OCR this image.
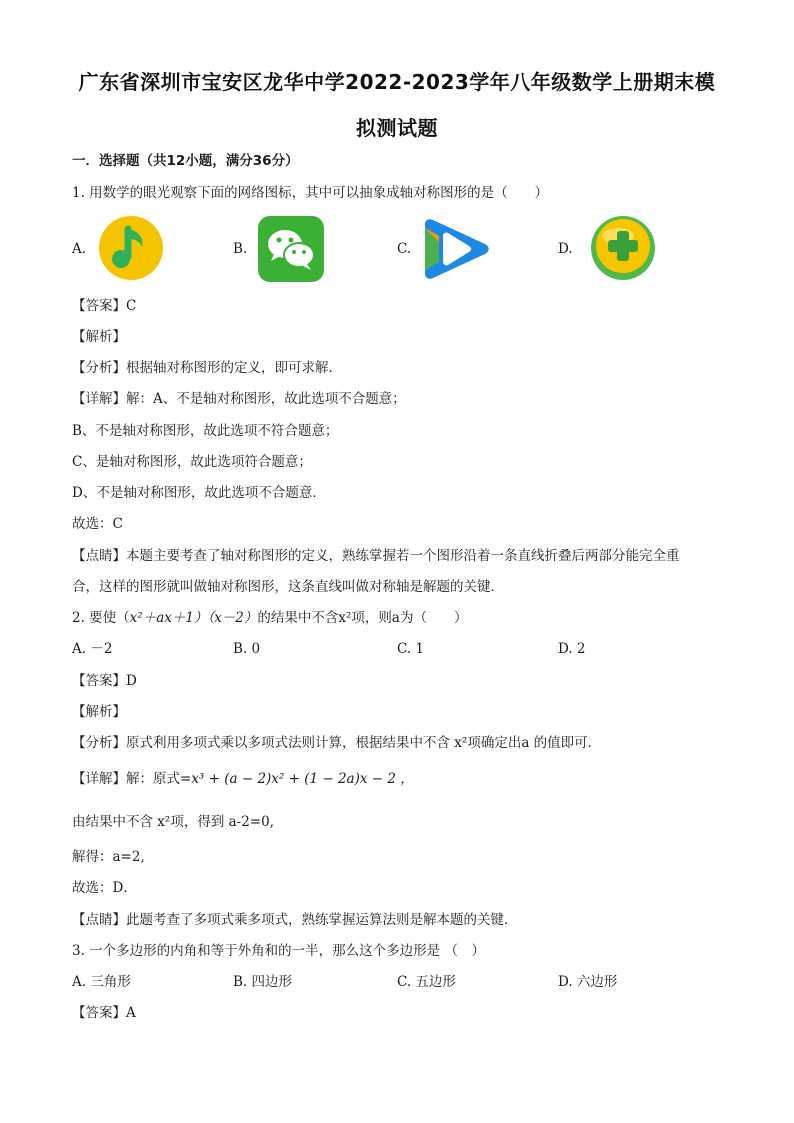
广东省深圳市宝安区龙华中学2022-2023学年八年级数学上册期末模
拟测试题
一．选择题（共12小题，满分36分）
1. 用数学的眼光观察下面的网络图标，其中可以抽象成轴对称图形的是（　　）
A.	B.	C.	D.
【答案】C
【解析】
【分析】根据轴对称图形的定义，即可求解．
【详解】解：A、不是轴对称图形，故此选项不合题意；
B、不是轴对称图形，故此选项不符合题意；
C、是轴对称图形，故此选项符合题意；
D、不是轴对称图形，故此选项不合题意．
故选：C
【点睛】本题主要考查了轴对称图形的定义，熟练掌握若一个图形沿着一条直线折叠后两部分能完全重
合，这样的图形就叫做轴对称图形，这条直线叫做对称轴是解题的关键．
2. 要使（x²＋ax＋1）（x－2）的结果中不含x²项，则a为（　　）
A. －2	B. 0	C. 1	D. 2
【答案】D
【解析】
【分析】原式利用多项式乘以多项式法则计算，根据结果中不含 x²项确定出a 的值即可．
【详解】解：原式=x³ + (a − 2)x² + (1 − 2a)x − 2 ，
由结果中不含 x²项，得到 a-2=0,
解得：a=2,
故选：D．
【点睛】此题考查了多项式乘多项式，熟练掌握运算法则是解本题的关键．
3. 一个多边形的内角和等于外角和的一半，那么这个多边形是 （　）
A. 三角形	B. 四边形	C. 五边形	D. 六边形
【答案】A
